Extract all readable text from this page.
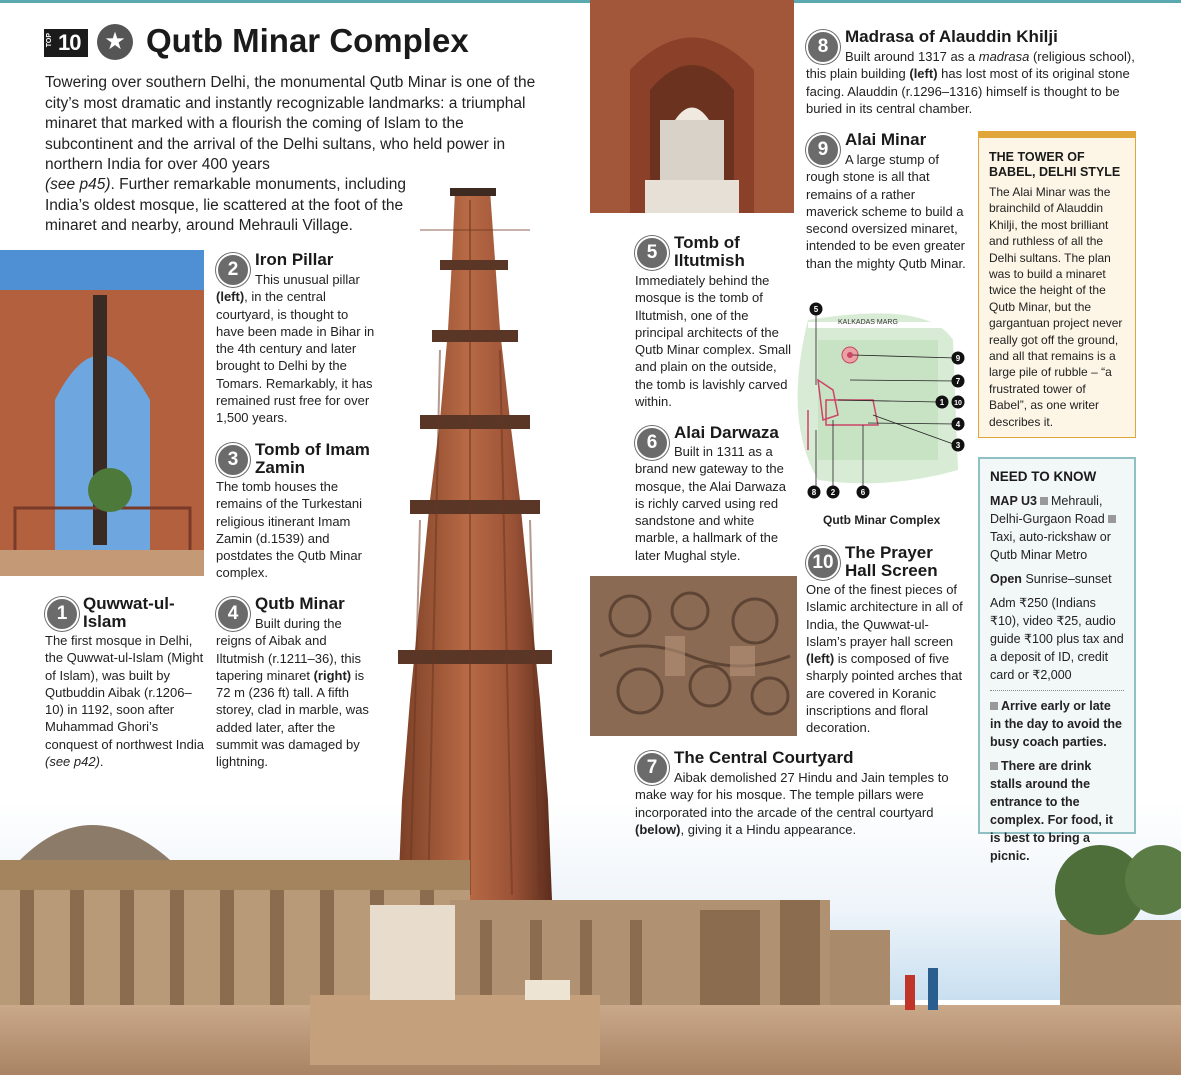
TOP 10 ★ Qutb Minar Complex
Towering over southern Delhi, the monumental Qutb Minar is one of the city’s most dramatic and instantly recognizable landmarks: a triumphal minaret that marked with a flourish the coming of Islam to the subcontinent and the arrival of the Delhi sultans, who held power in northern India for over 400 years
(see p45). Further remarkable monuments, including India’s oldest mosque, lie scattered at the foot of the minaret and nearby, around Mehrauli Village.
1 Quwwat-ul-
Islam
The first mosque in Delhi, the Quwwat-ul-Islam (Might of Islam), was built by Qutbuddin Aibak (r.1206–10) in 1192, soon after Muhammad Ghori’s conquest of northwest India (see p42).
2 Iron Pillar
This unusual pillar (left), in the central courtyard, is thought to have been made in Bihar in the 4th century and later brought to Delhi by the Tomars. Remarkably, it has remained rust free for over 1,500 years.
3 Tomb of Imam
Zamin
The tomb houses the remains of the Turkestani religious itinerant Imam Zamin (d.1539) and postdates the Qutb Minar complex.
4 Qutb Minar
Built during the reigns of Aibak and Iltutmish (r.1211–36), this tapering minaret (right) is 72 m (236 ft) tall. A fifth storey, clad in marble, was added later, after the summit was damaged by lightning.
5 Tomb of
Iltutmish
Immediately behind the mosque is the tomb of Iltutmish, one of the principal architects of the Qutb Minar complex. Small and plain on the outside, the tomb is lavishly carved within.
6 Alai Darwaza
Built in 1311 as a brand new gateway to the mosque, the Alai Darwaza is richly carved using red sandstone and white marble, a hallmark of the later Mughal style.
7 The Central Courtyard
Aibak demolished 27 Hindu and Jain temples to make way for his mosque. The temple pillars were incorporated into the arcade of the central courtyard (below), giving it a Hindu appearance.
8 Madrasa of Alauddin Khilji
Built around 1317 as a madrasa (religious school), this plain building (left) has lost most of its original stone facing. Alauddin (r.1296–1316) himself is thought to be buried in its central chamber.
9 Alai Minar
A large stump of rough stone is all that remains of a rather maverick scheme to build a second oversized minaret, intended to be even greater than the mighty Qutb Minar.
10 The Prayer
Hall Screen
One of the finest pieces of Islamic architecture in all of India, the Quwwat-ul-Islam’s prayer hall screen (left) is composed of five sharply pointed arches that are covered in Koranic inscriptions and floral decoration.
KALKADAS MARG
5
9
7
1 10
4
3
8 2	6
Qutb Minar Complex
THE TOWER OF BABEL, DELHI STYLE
The Alai Minar was the brainchild of Alauddin Khilji, the most brilliant and ruthless of all the Delhi sultans. The plan was to build a minaret twice the height of the Qutb Minar, but the gargantuan project never really got off the ground, and all that remains is a large pile of rubble – “a frustrated tower of Babel”, as one writer describes it.
NEED TO KNOW
MAP U3 Mehrauli, Delhi-Gurgaon RoadTaxi, auto-rickshaw or Qutb Minar Metro
Open Sunrise–sunset
Adm ₹250 (Indians ₹10), video ₹25, audio guide ₹100 plus tax and a deposit of ID, credit card or ₹2,000
Arrive early or late in the day to avoid the busy coach parties.
There are drink stalls around the entrance to the complex. For food, it is best to bring a picnic.
